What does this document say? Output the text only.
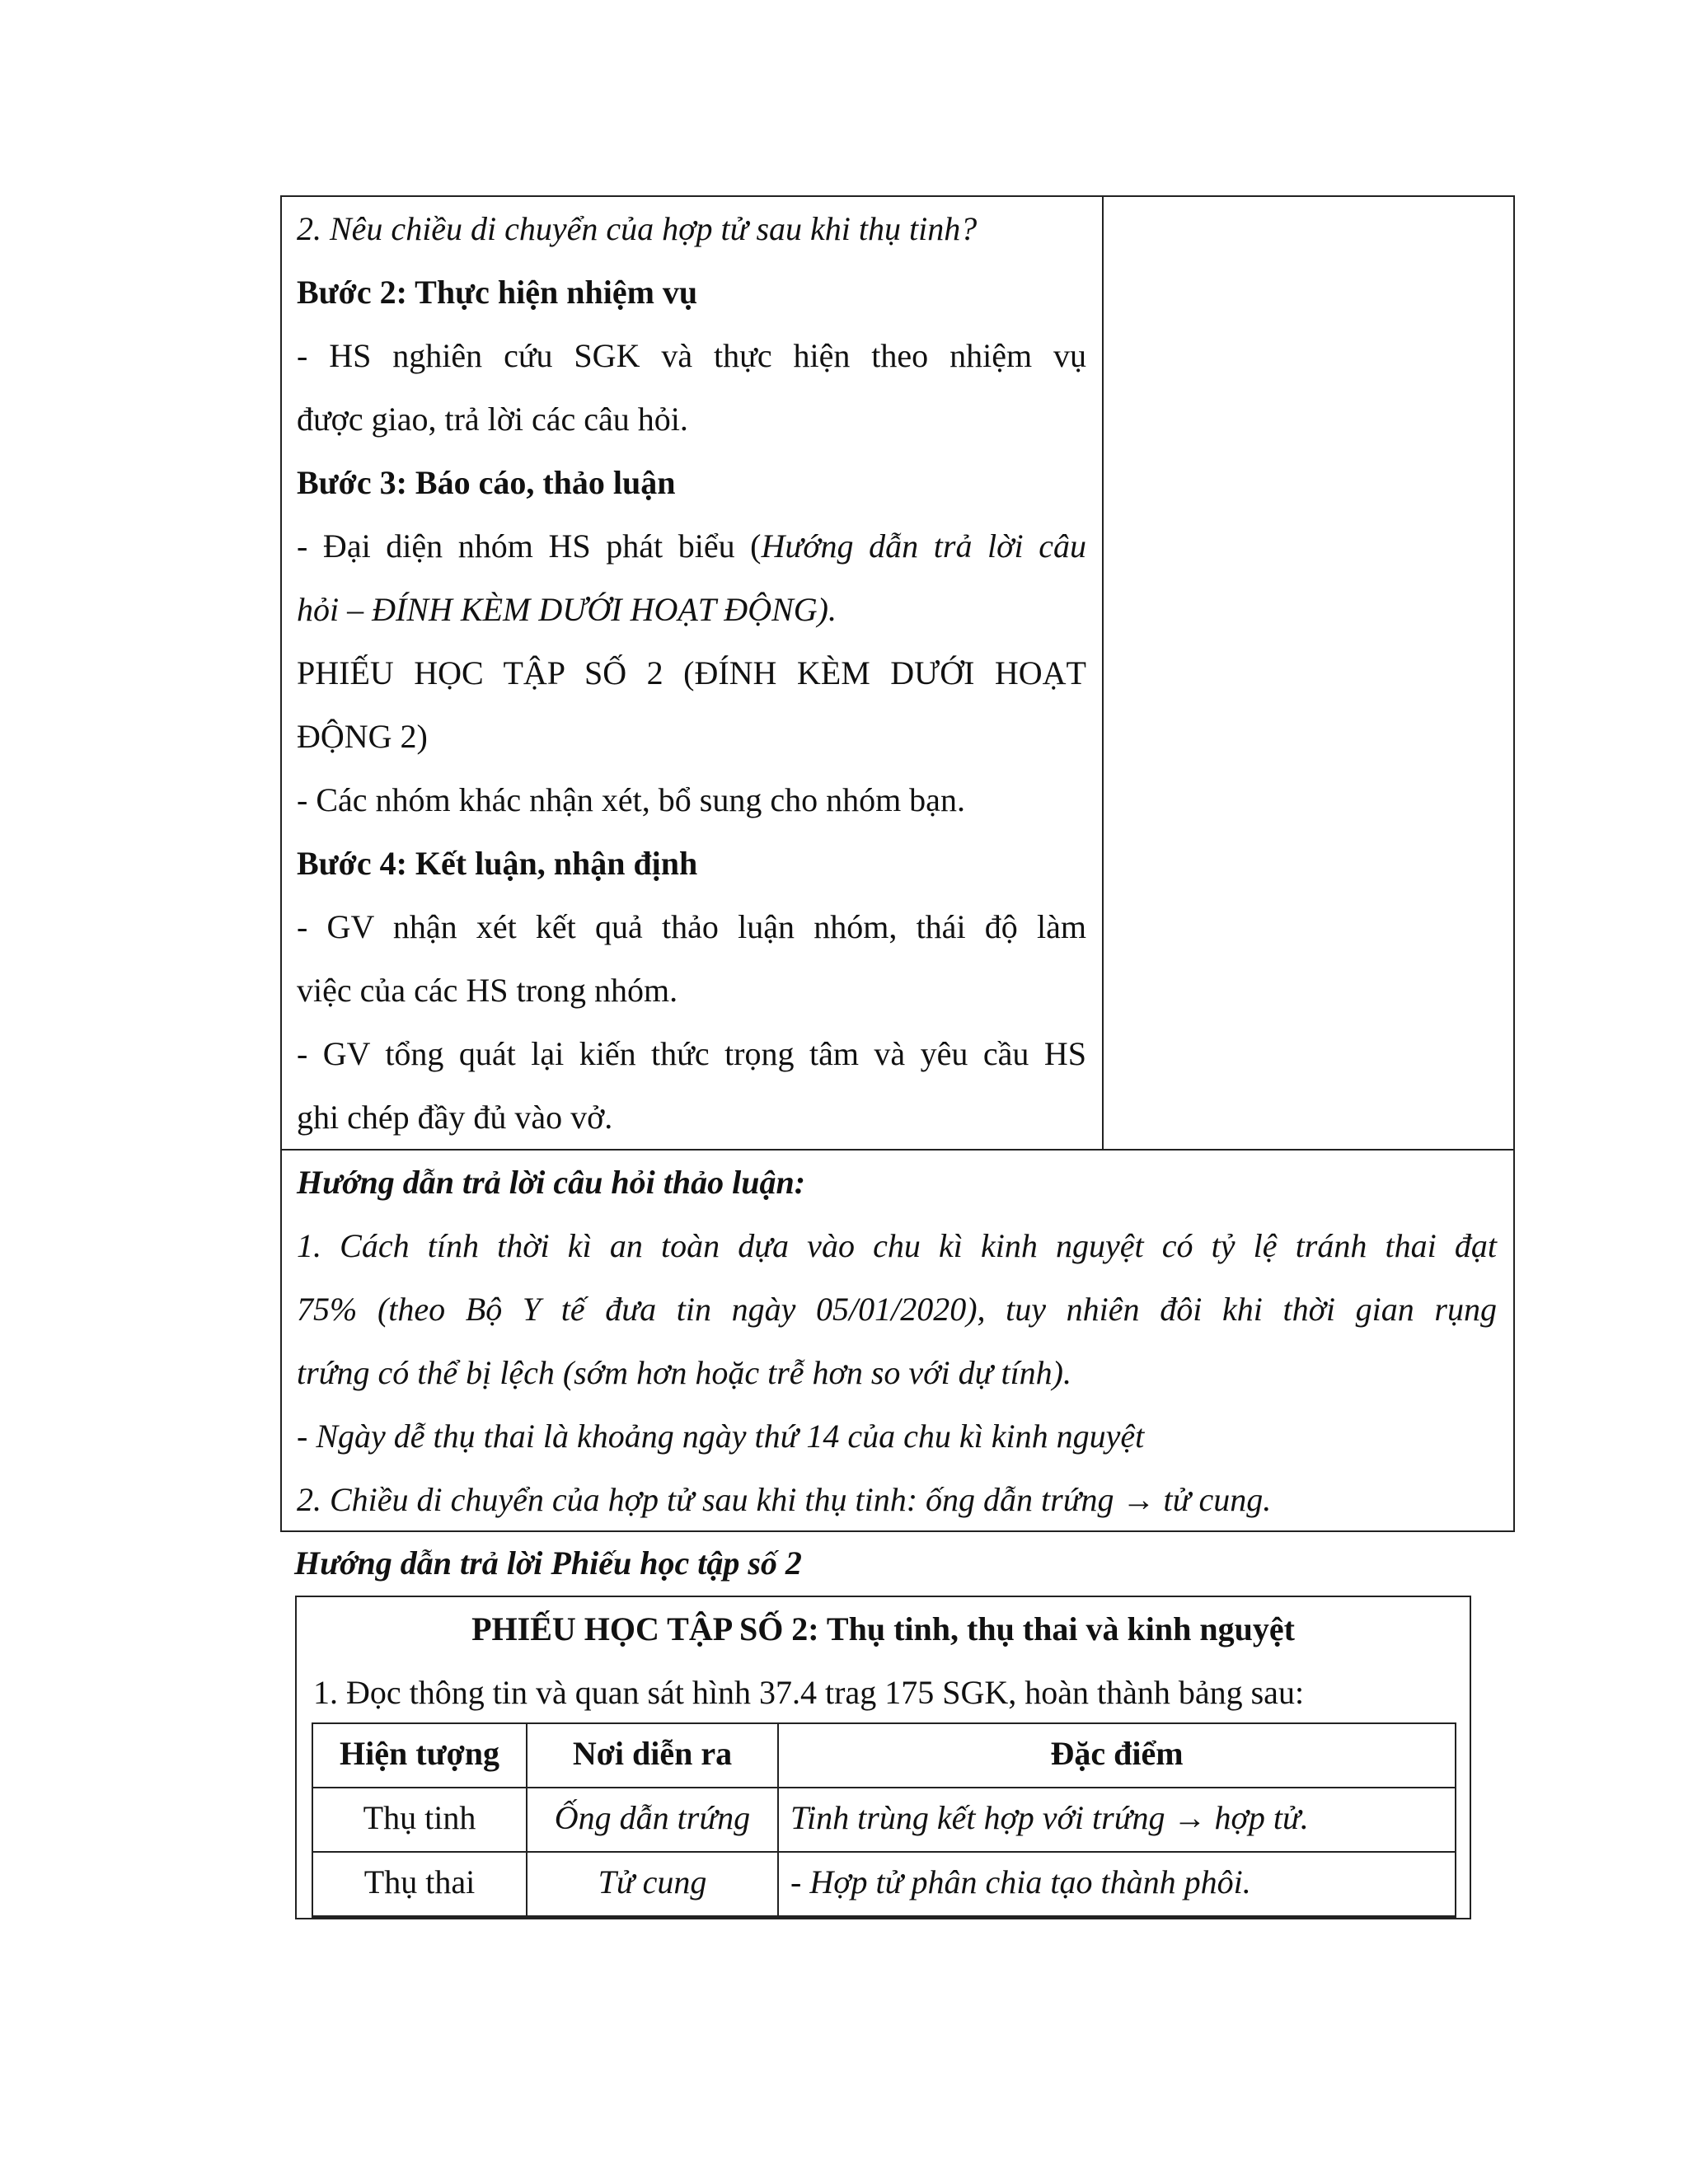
2. Nêu chiều di chuyển của hợp tử sau khi thụ tinh?

Bước 2: Thực hiện nhiệm vụ

- HS nghiên cứu SGK và thực hiện theo nhiệm vụ

được giao, trả lời các câu hỏi.

Bước 3: Báo cáo, thảo luận

- Đại diện nhóm HS phát biểu (Hướng dẫn trả lời câu

hỏi – ĐÍNH KÈM DƯỚI HOẠT ĐỘNG).

PHIẾU HỌC TẬP SỐ 2 (ĐÍNH KÈM DƯỚI HOẠT

ĐỘNG 2)

- Các nhóm khác nhận xét, bổ sung cho nhóm bạn.

Bước 4: Kết luận, nhận định

- GV nhận xét kết quả thảo luận nhóm, thái độ làm

việc của các HS trong nhóm.

- GV tổng quát lại kiến thức trọng tâm và yêu cầu HS

ghi chép đầy đủ vào vở.

Hướng dẫn trả lời câu hỏi thảo luận:

1. Cách tính thời kì an toàn dựa vào chu kì kinh nguyệt có tỷ lệ tránh thai đạt

75% (theo Bộ Y tế đưa tin ngày 05/01/2020), tuy nhiên đôi khi thời gian rụng

trứng có thể bị lệch (sớm hơn hoặc trễ hơn so với dự tính).

- Ngày dễ thụ thai là khoảng ngày thứ 14 của chu kì kinh nguyệt

2. Chiều di chuyển của hợp tử sau khi thụ tinh: ống dẫn trứng → tử cung.

Hướng dẫn trả lời Phiếu học tập số 2

PHIẾU HỌC TẬP SỐ 2: Thụ tinh, thụ thai và kinh nguyệt

1. Đọc thông tin và quan sát hình 37.4 trag 175 SGK, hoàn thành bảng sau:

Hiện tượng	Nơi diễn ra	Đặc điểm
Thụ tinh	Ống dẫn trứng	Tinh trùng kết hợp với trứng → hợp tử.
Thụ thai	Tử cung	- Hợp tử phân chia tạo thành phôi.
